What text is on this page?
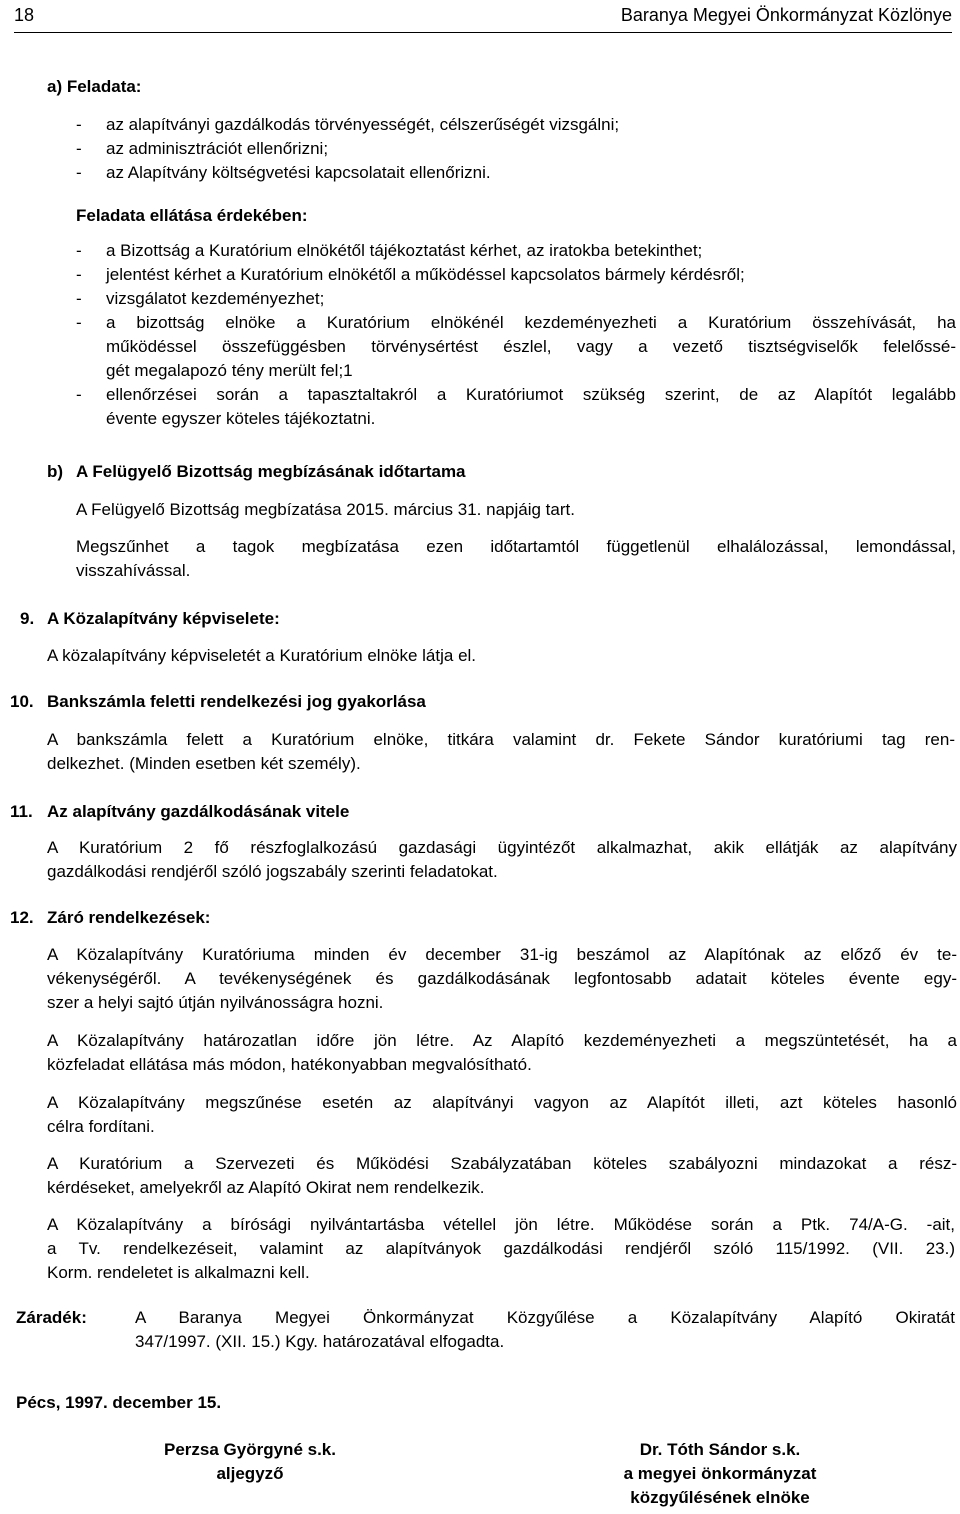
18	Baranya Megyei Önkormányzat Közlönye
a) Feladata:
- az alapítványi gazdálkodás törvényességét, célszerűségét vizsgálni;
- az adminisztrációt ellenőrizni;
- az Alapítvány költségvetési kapcsolatait ellenőrizni.
Feladata ellátása érdekében:
- a Bizottság a Kuratórium elnökétől tájékoztatást kérhet, az iratokba betekinthet;
- jelentést kérhet a Kuratórium elnökétől a működéssel kapcsolatos bármely kérdésről;
- vizsgálatot kezdeményezhet;
- a bizottság elnöke a Kuratórium elnökénél kezdeményezheti a Kuratórium összehívását, ha
működéssel összefüggésben törvénysértést észlel, vagy a vezető tisztségviselők felelőssé-
gét megalapozó tény merült fel;1
- ellenőrzései során a tapasztaltakról a Kuratóriumot szükség szerint, de az Alapítót legalább
évente egyszer köteles tájékoztatni.
b) A Felügyelő Bizottság megbízásának időtartama
A Felügyelő Bizottság megbízatása 2015. március 31. napjáig tart.
Megszűnhet a tagok megbízatása ezen időtartamtól függetlenül elhalálozással, lemondással,
visszahívással.
9. A Közalapítvány képviselete:
A közalapítvány képviseletét a Kuratórium elnöke látja el.
10. Bankszámla feletti rendelkezési jog gyakorlása
A bankszámla felett a Kuratórium elnöke, titkára valamint dr. Fekete Sándor kuratóriumi tag ren-
delkezhet. (Minden esetben két személy).
11. Az alapítvány gazdálkodásának vitele
A Kuratórium 2 fő részfoglalkozású gazdasági ügyintézőt alkalmazhat, akik ellátják az alapítvány
gazdálkodási rendjéről szóló jogszabály szerinti feladatokat.
12. Záró rendelkezések:
A Közalapítvány Kuratóriuma minden év december 31-ig beszámol az Alapítónak az előző év te-
vékenységéről. A tevékenységének és gazdálkodásának legfontosabb adatait köteles évente egy-
szer a helyi sajtó útján nyilvánosságra hozni.
A Közalapítvány határozatlan időre jön létre. Az Alapító kezdeményezheti a megszüntetését, ha a
közfeladat ellátása más módon, hatékonyabban megvalósítható.
A Közalapítvány megszűnése esetén az alapítványi vagyon az Alapítót illeti, azt köteles hasonló
célra fordítani.
A Kuratórium a Szervezeti és Működési Szabályzatában köteles szabályozni mindazokat a rész-
kérdéseket, amelyekről az Alapító Okirat nem rendelkezik.
A Közalapítvány a bírósági nyilvántartásba vétellel jön létre. Működése során a Ptk. 74/A-G. -ait,
a Tv. rendelkezéseit, valamint az alapítványok gazdálkodási rendjéről szóló 115/1992. (VII. 23.)
Korm. rendeletet is alkalmazni kell.
Záradék:	A Baranya Megyei Önkormányzat Közgyűlése a Közalapítvány Alapító Okiratát
347/1997. (XII. 15.) Kgy. határozatával elfogadta.
Pécs, 1997. december 15.
Perzsa Györgyné s.k.
aljegyző
Dr. Tóth Sándor s.k.
a megyei önkormányzat
közgyűlésének elnöke
